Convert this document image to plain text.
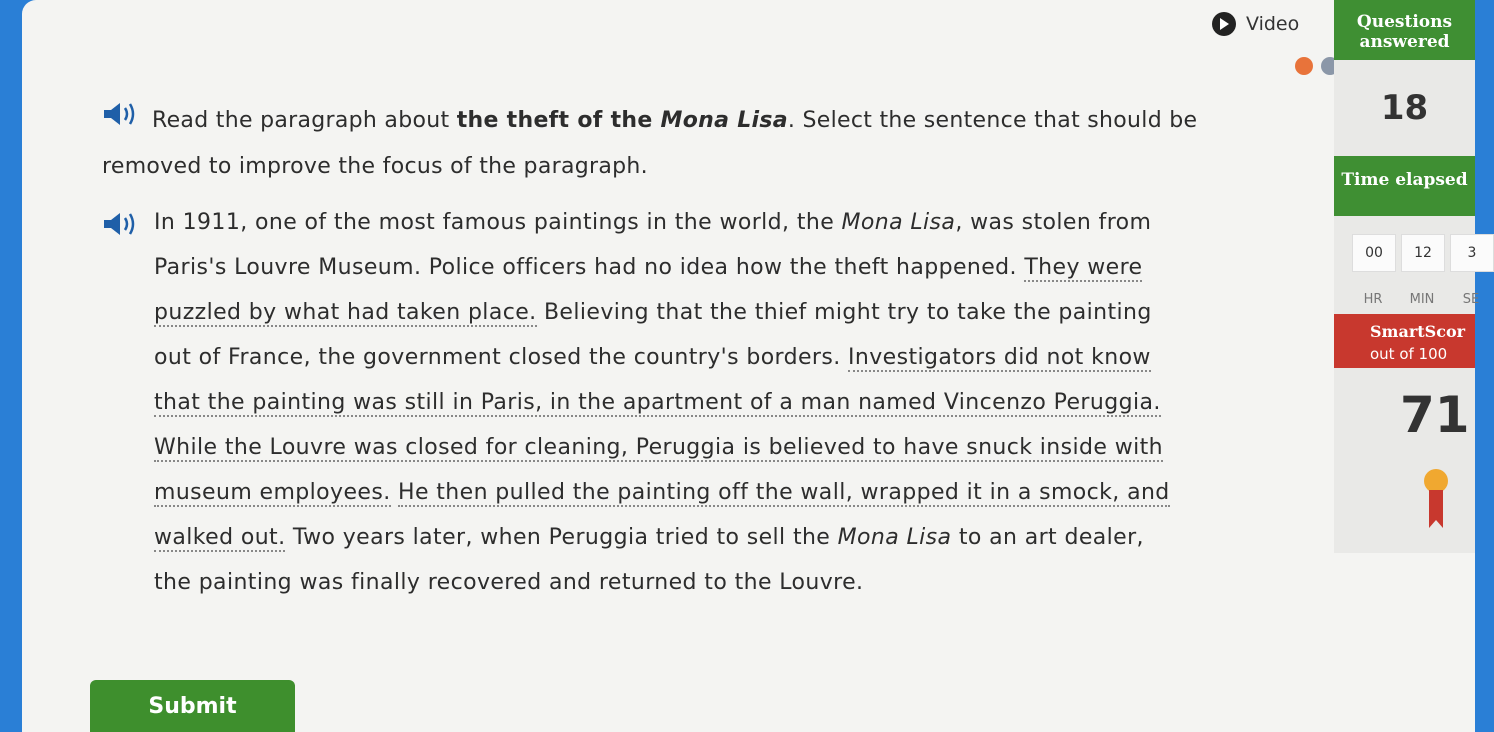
Video
Read the paragraph about the theft of the Mona Lisa. Select the sentence that should be removed to improve the focus of the paragraph.
In 1911, one of the most famous paintings in the world, the Mona Lisa, was stolen from Paris's Louvre Museum. Police officers had no idea how the theft happened. They were puzzled by what had taken place. Believing that the thief might try to take the painting out of France, the government closed the country's borders. Investigators did not know that the painting was still in Paris, in the apartment of a man named Vincenzo Peruggia. While the Louvre was closed for cleaning, Peruggia is believed to have snuck inside with museum employees. He then pulled the painting off the wall, wrapped it in a smock, and walked out. Two years later, when Peruggia tried to sell the Mona Lisa to an art dealer, the painting was finally recovered and returned to the Louvre.
Submit
Questions answered
18
Time elapsed
00	12	3
HR	MIN	SE
SmartScor
out of 100
71
